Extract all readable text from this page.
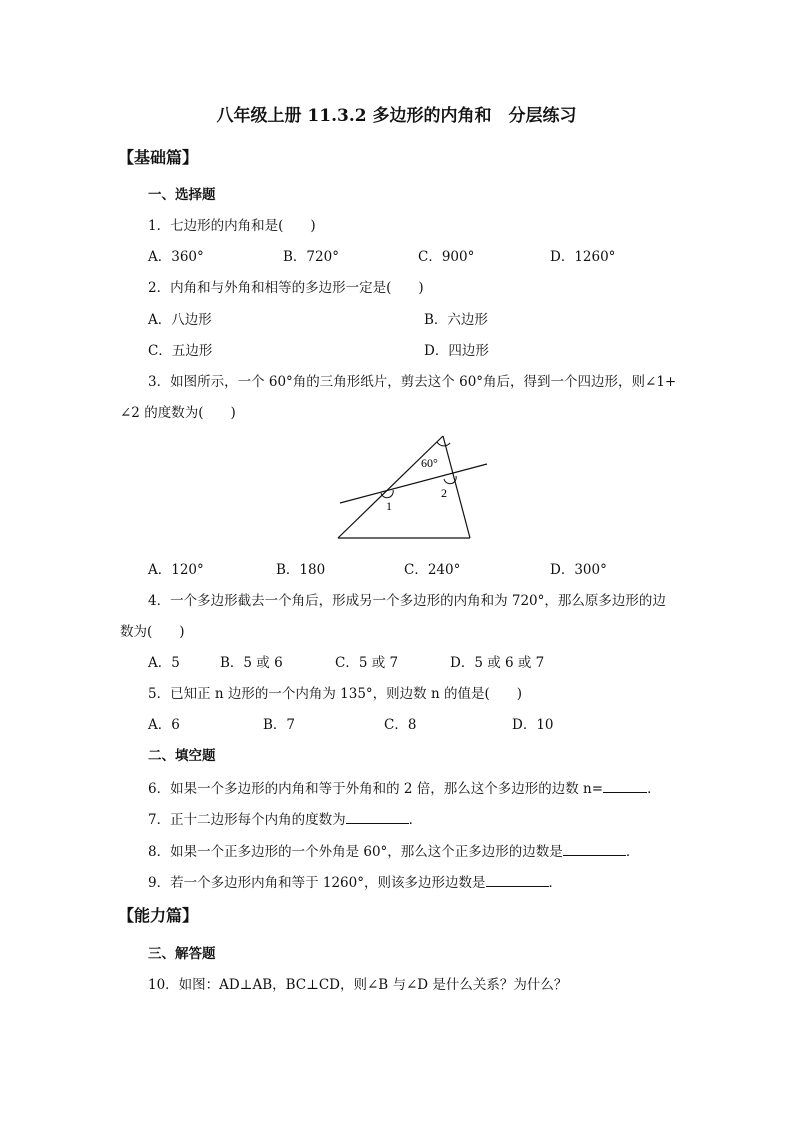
八年级上册 11.3.2 多边形的内角和　分层练习
【基础篇】
一、选择题
1．七边形的内角和是(　　)
A．360°	B．720°	C．900°	D．1260°
2．内角和与外角和相等的多边形一定是(　　)
A．八边形	B．六边形
C．五边形	D．四边形
3．如图所示，一个 60°角的三角形纸片，剪去这个 60°角后，得到一个四边形，则∠1+
∠2 的度数为(　　)
60°
1
2
A．120°	B．180	C．240°	D．300°
4．一个多边形截去一个角后，形成另一个多边形的内角和为 720°，那么原多边形的边
数为(　　)
A．5	B．5 或 6	C．5 或 7	D．5 或 6 或 7
5．已知正 n 边形的一个内角为 135°，则边数 n 的值是(　　)
A．6	B．7	C．8	D．10
二、填空题
6．如果一个多边形的内角和等于外角和的 2 倍，那么这个多边形的边数 n=	．
7．正十二边形每个内角的度数为	．
8．如果一个正多边形的一个外角是 60°，那么这个正多边形的边数是	．
9．若一个多边形内角和等于 1260°，则该多边形边数是	．
【能力篇】
三、解答题
10．如图：AD⊥AB，BC⊥CD，则∠B 与∠D 是什么关系？为什么？
